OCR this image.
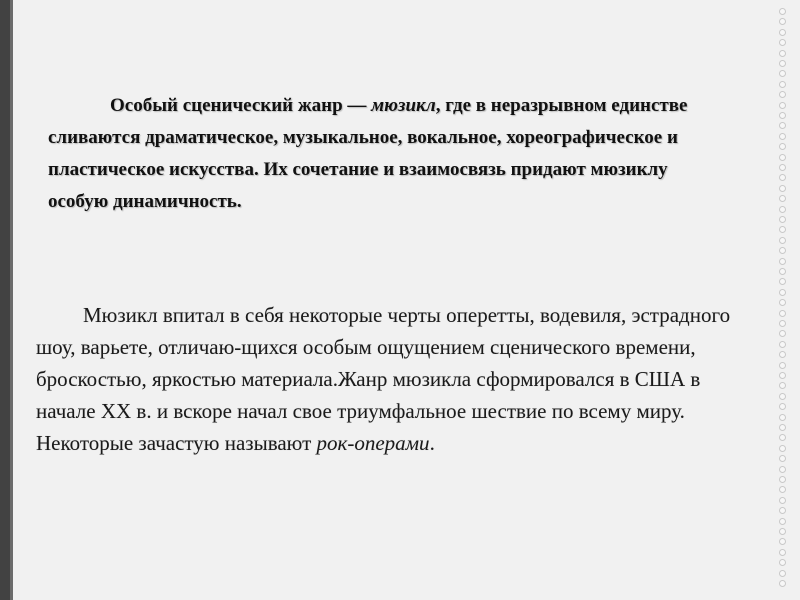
Особый сценический жанр — мюзикл, где в неразрывном единстве сливаются драматическое, музыкальное, вокальное, хореографическое и пластическое искусства. Их сочетание и взаимосвязь придают мюзиклу особую динамичность.

Мюзикл впитал в себя некоторые черты оперетты, водевиля, эстрадного шоу, варьете, отличаю-щихся особым ощущением сценического времени, броскостью, яркостью материала.Жанр мюзикла сформировался в США в начале XX в. и вскоре начал свое триумфальное шествие по всему миру. Некоторые зачастую называют рок-операми.
